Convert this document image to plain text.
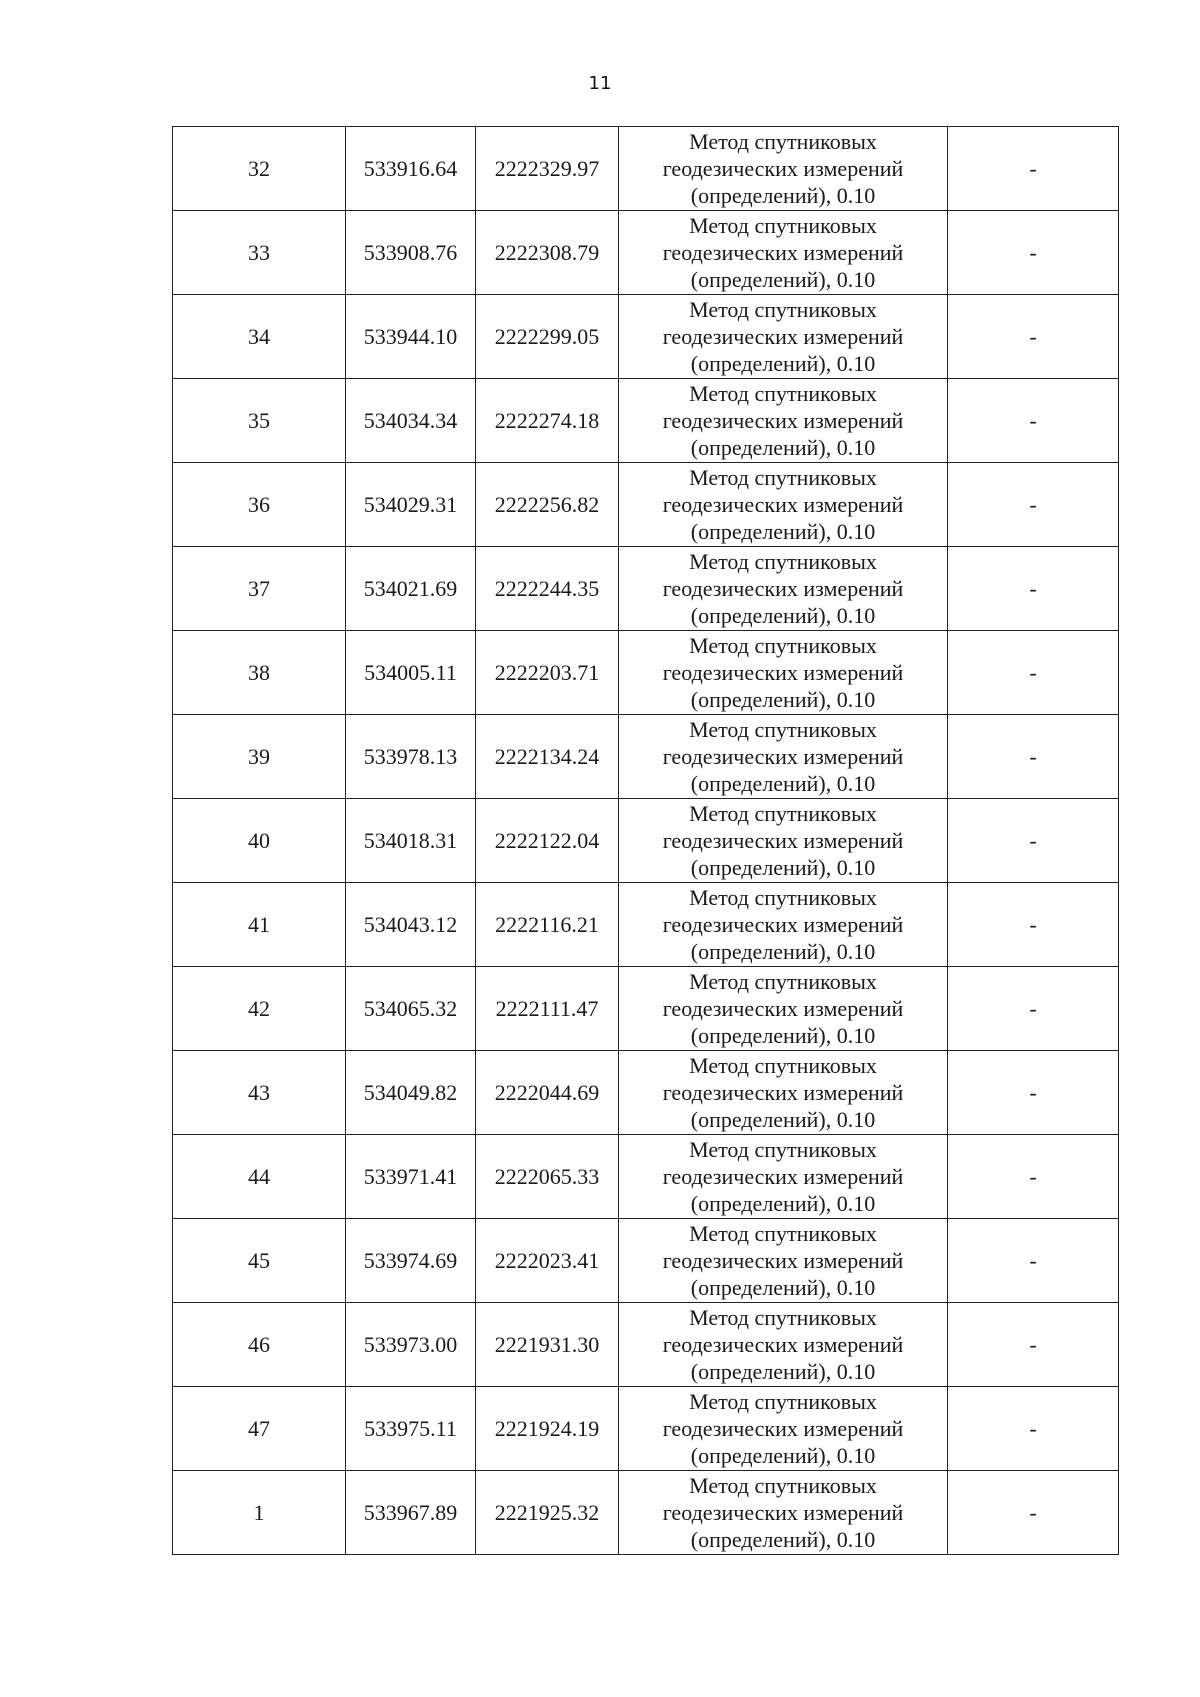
11
32	533916.64	2222329.97	Метод спутниковых
геодезических измерений
(определений), 0.10	-
33	533908.76	2222308.79	Метод спутниковых
геодезических измерений
(определений), 0.10	-
34	533944.10	2222299.05	Метод спутниковых
геодезических измерений
(определений), 0.10	-
35	534034.34	2222274.18	Метод спутниковых
геодезических измерений
(определений), 0.10	-
36	534029.31	2222256.82	Метод спутниковых
геодезических измерений
(определений), 0.10	-
37	534021.69	2222244.35	Метод спутниковых
геодезических измерений
(определений), 0.10	-
38	534005.11	2222203.71	Метод спутниковых
геодезических измерений
(определений), 0.10	-
39	533978.13	2222134.24	Метод спутниковых
геодезических измерений
(определений), 0.10	-
40	534018.31	2222122.04	Метод спутниковых
геодезических измерений
(определений), 0.10	-
41	534043.12	2222116.21	Метод спутниковых
геодезических измерений
(определений), 0.10	-
42	534065.32	2222111.47	Метод спутниковых
геодезических измерений
(определений), 0.10	-
43	534049.82	2222044.69	Метод спутниковых
геодезических измерений
(определений), 0.10	-
44	533971.41	2222065.33	Метод спутниковых
геодезических измерений
(определений), 0.10	-
45	533974.69	2222023.41	Метод спутниковых
геодезических измерений
(определений), 0.10	-
46	533973.00	2221931.30	Метод спутниковых
геодезических измерений
(определений), 0.10	-
47	533975.11	2221924.19	Метод спутниковых
геодезических измерений
(определений), 0.10	-
1	533967.89	2221925.32	Метод спутниковых
геодезических измерений
(определений), 0.10	-
